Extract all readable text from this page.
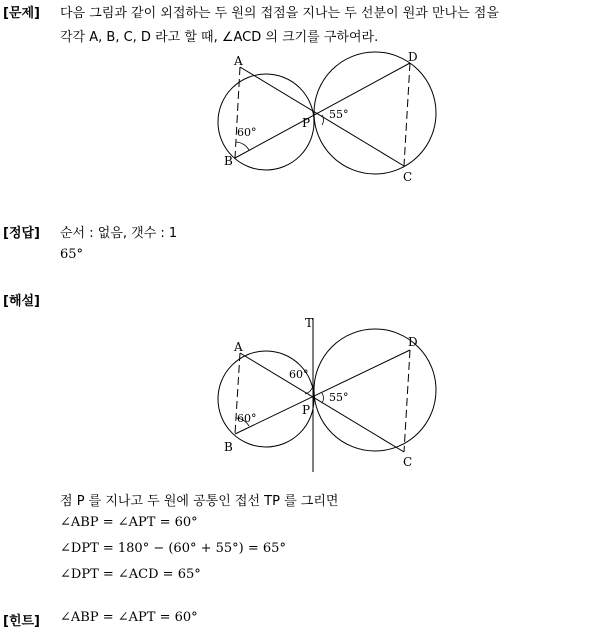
[문제] 다음 그림과 같이 외접하는 두 원의 접점을 지나는 두 선분이 원과 만나는 점을
각각 A, B, C, D 라고 할 때, ∠ACD 의 크기를 구하여라.
A
B
C
D
P
60°
55°
[정답] 순서 : 없음, 갯수 : 1
65°
[해설]
T
A
B
C
D
P
60°
60°
55°
점 P 를 지나고 두 원에 공통인 접선 TP 를 그리면
∠ABP = ∠APT = 60°
∠DPT = 180° − (60° + 55°) = 65°
∠DPT = ∠ACD = 65°
[힌트] ∠ABP = ∠APT = 60°
